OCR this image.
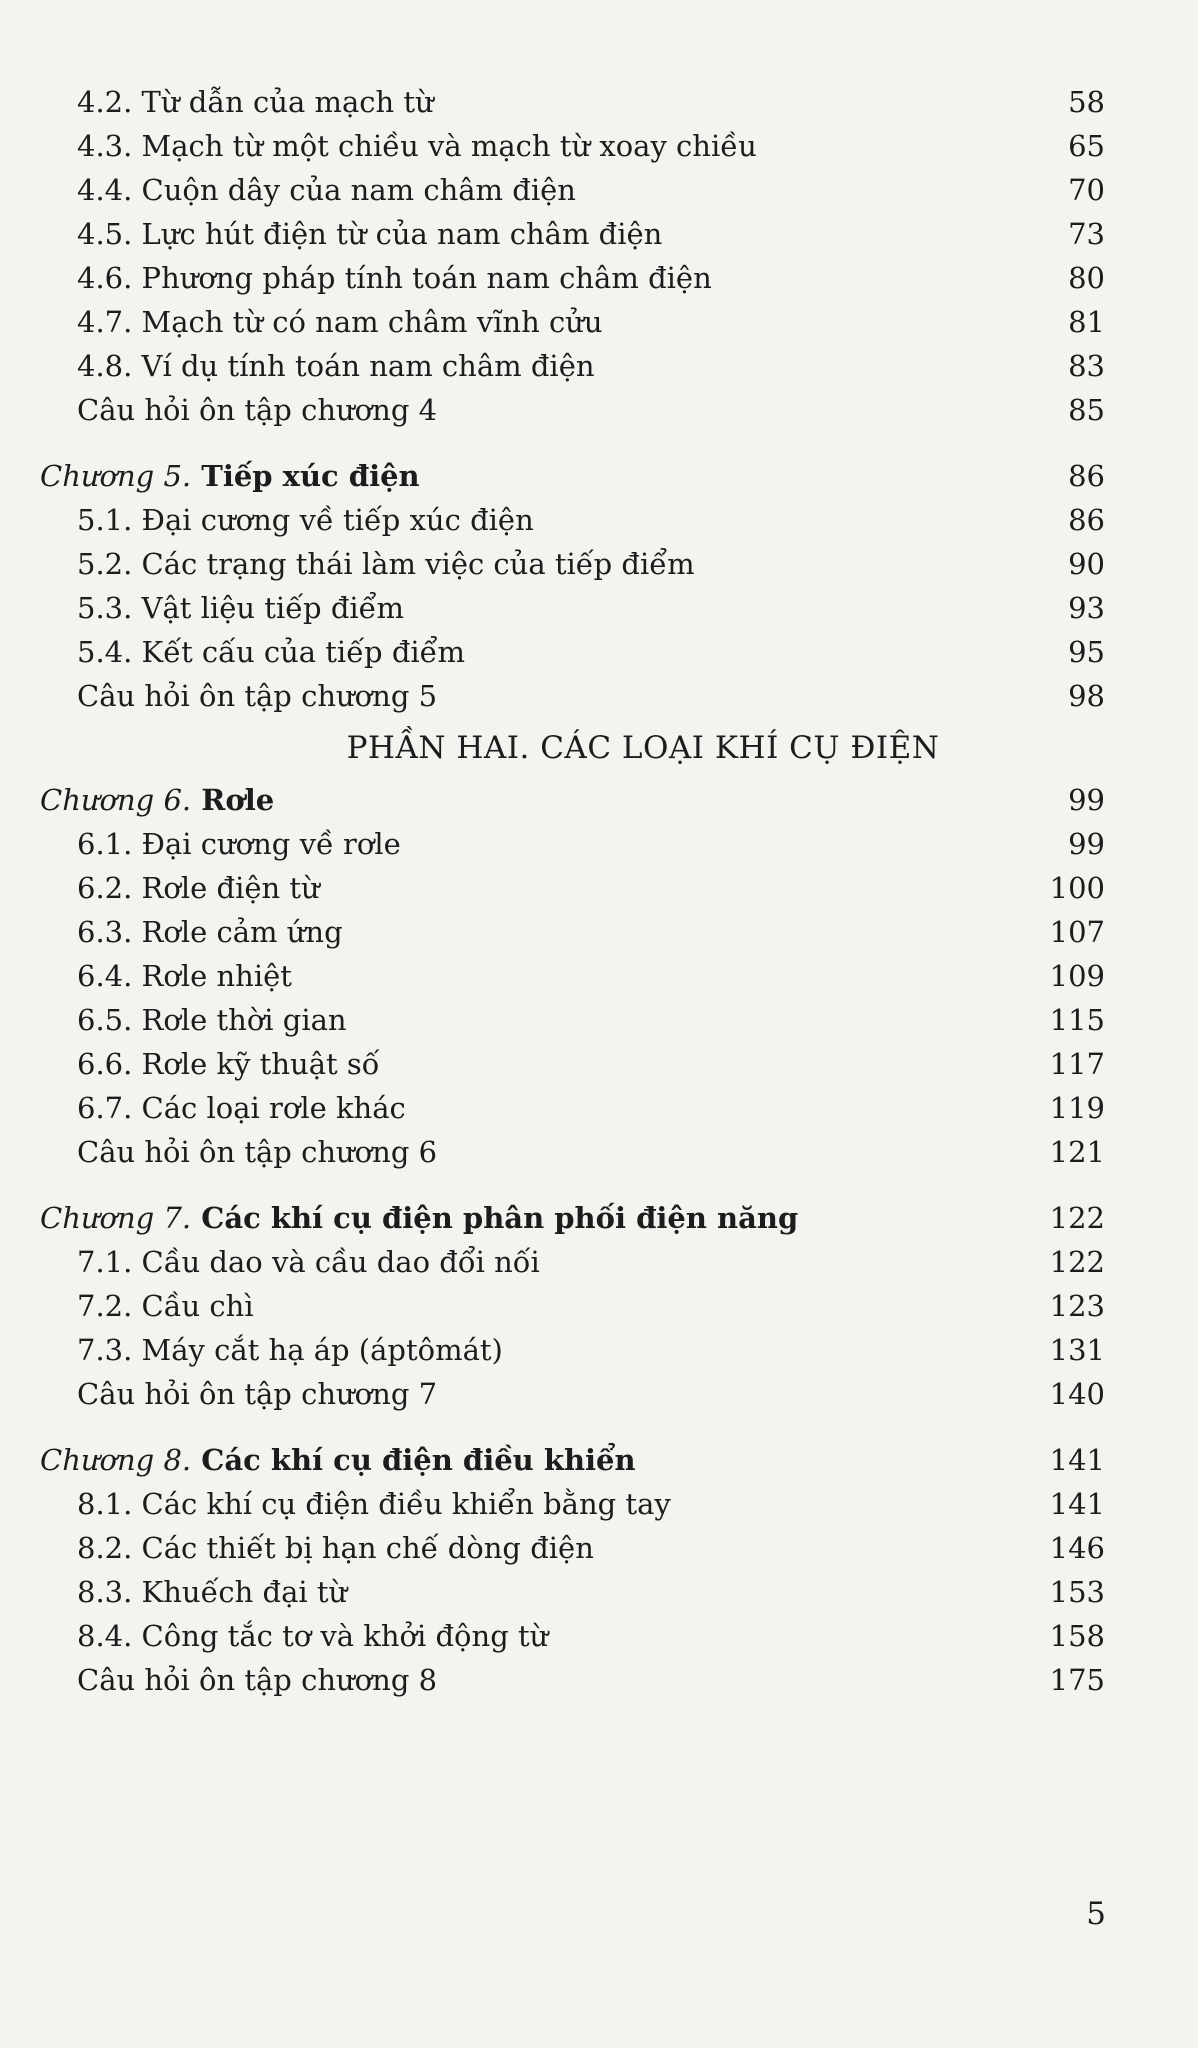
4.2. Từ dẫn của mạch từ	58
4.3. Mạch từ một chiều và mạch từ xoay chiều	65
4.4. Cuộn dây của nam châm điện	70
4.5. Lực hút điện từ của nam châm điện	73
4.6. Phương pháp tính toán nam châm điện	80
4.7. Mạch từ có nam châm vĩnh cửu	81
4.8. Ví dụ tính toán nam châm điện	83
Câu hỏi ôn tập chương 4	85
Chương 5. Tiếp xúc điện	86
5.1. Đại cương về tiếp xúc điện	86
5.2. Các trạng thái làm việc của tiếp điểm	90
5.3. Vật liệu tiếp điểm	93
5.4. Kết cấu của tiếp điểm	95
Câu hỏi ôn tập chương 5	98
PHẦN HAI. CÁC LOẠI KHÍ CỤ ĐIỆN
Chương 6. Rơle	99
6.1. Đại cương về rơle	99
6.2. Rơle điện từ	100
6.3. Rơle cảm ứng	107
6.4. Rơle nhiệt	109
6.5. Rơle thời gian	115
6.6. Rơle kỹ thuật số	117
6.7. Các loại rơle khác	119
Câu hỏi ôn tập chương 6	121
Chương 7. Các khí cụ điện phân phối điện năng	122
7.1. Cầu dao và cầu dao đổi nối	122
7.2. Cầu chì	123
7.3. Máy cắt hạ áp (áptômát)	131
Câu hỏi ôn tập chương 7	140
Chương 8. Các khí cụ điện điều khiển	141
8.1. Các khí cụ điện điều khiển bằng tay	141
8.2. Các thiết bị hạn chế dòng điện	146
8.3. Khuếch đại từ	153
8.4. Công tắc tơ và khởi động từ	158
Câu hỏi ôn tập chương 8	175
5
